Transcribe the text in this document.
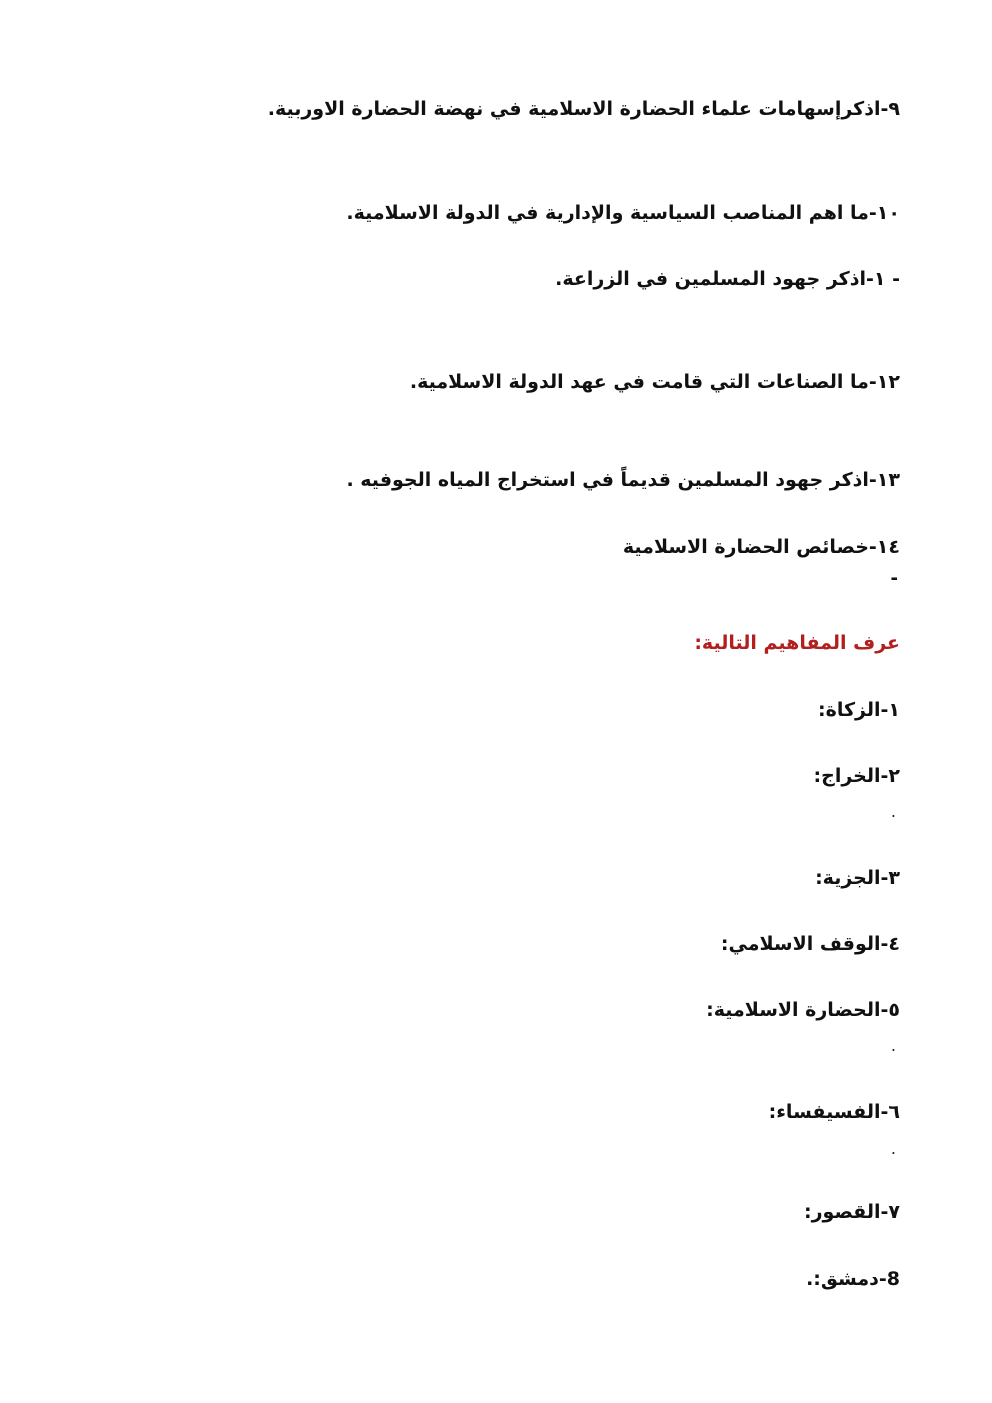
٩-اذكرإسهامات علماء الحضارة الاسلامية في نهضة الحضارة الاوربية.
١٠-ما اهم المناصب السياسية والإدارية في الدولة الاسلامية.
- ١-اذكر جهود المسلمين في الزراعة.
١٢-ما الصناعات التي قامت في عهد الدولة الاسلامية.
١٣-اذكر جهود المسلمين قديماً في استخراج المياه الجوفيه .
١٤-خصائص الحضارة الاسلامية
-
عرف المفاهيم التالية:
١-الزكاة:
٢-الخراج:
.
٣-الجزية:
٤-الوقف الاسلامي:
٥-الحضارة الاسلامية:
.
٦-الفسيفساء:
.
٧-القصور:
8-دمشق:.
